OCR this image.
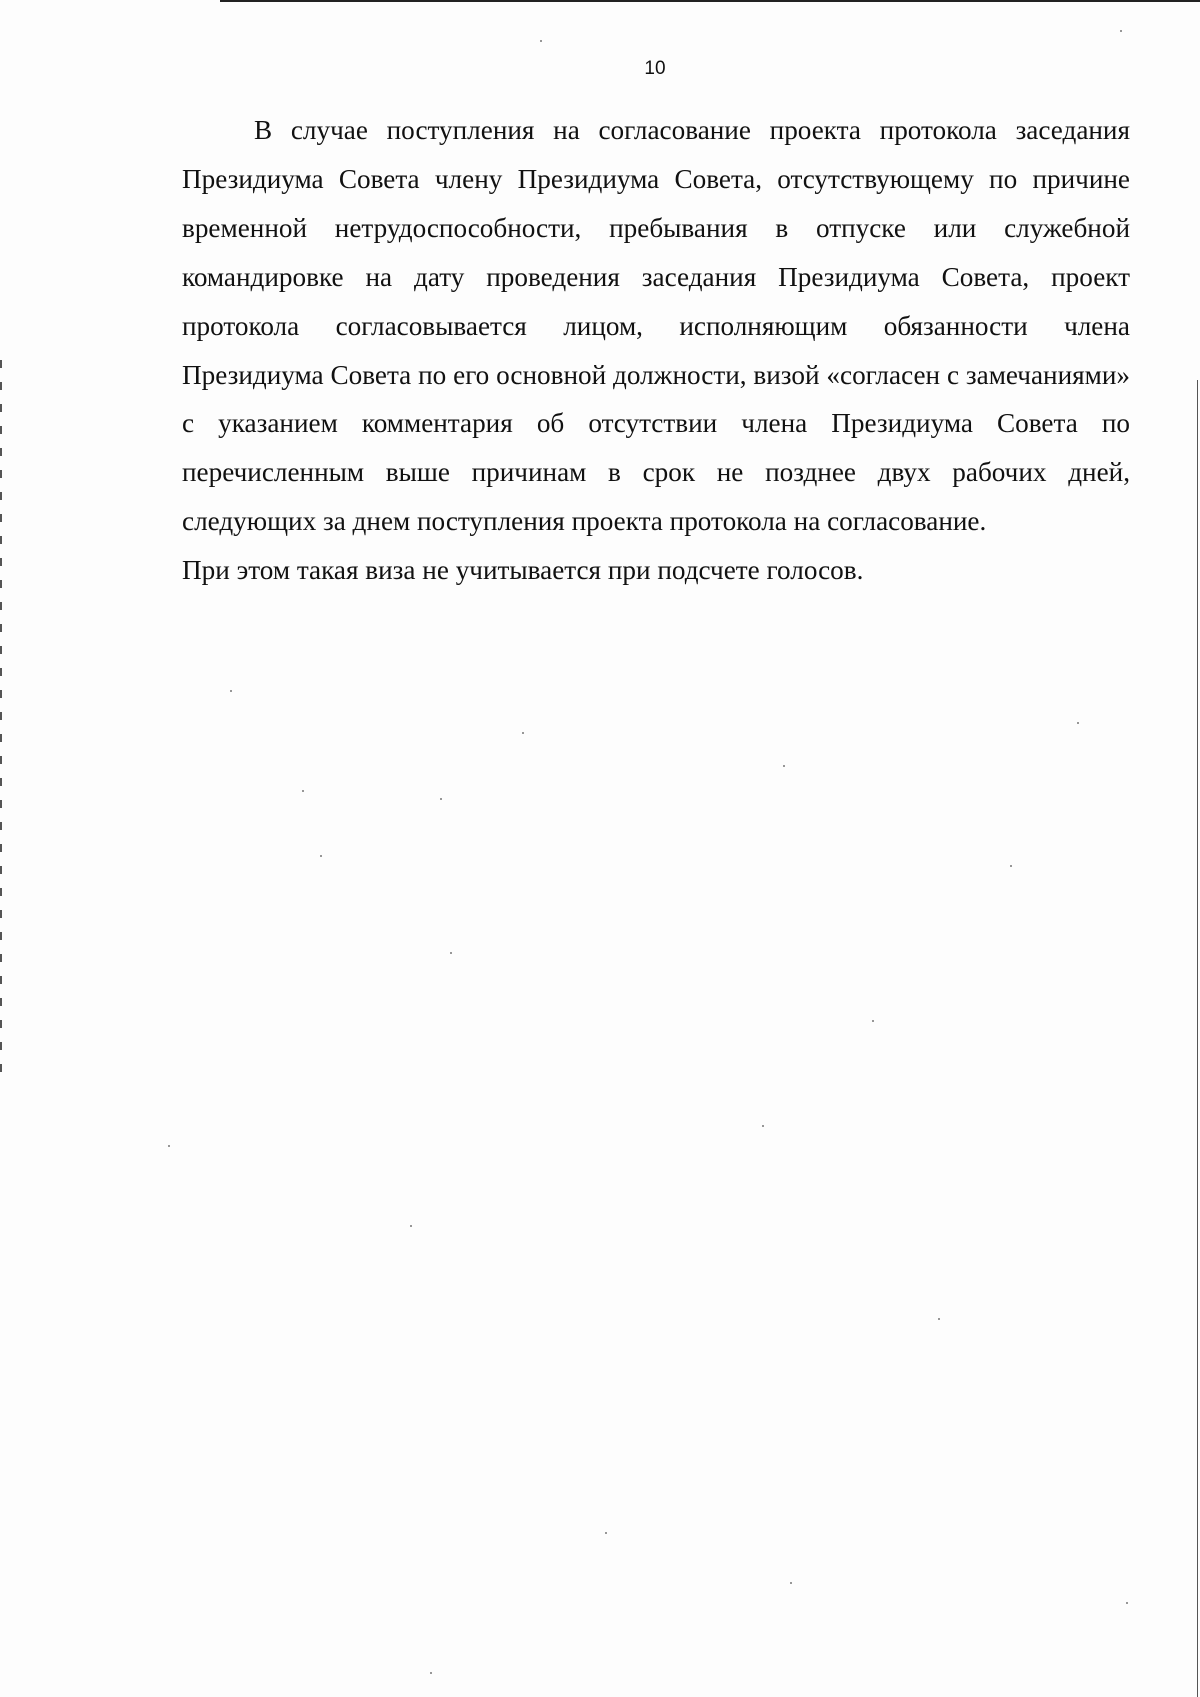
10

В случае поступления на согласование проекта протокола заседания Президиума Совета члену Президиума Совета, отсутствующему по причине временной нетрудоспособности, пребывания в отпуске или служебной командировке на дату проведения заседания Президиума Совета, проект протокола согласовывается лицом, исполняющим обязанности члена Президиума Совета по его основной должности, визой «согласен с замечаниями» с указанием комментария об отсутствии члена Президиума Совета по перечисленным выше причинам в срок не позднее двух рабочих дней, следующих за днем поступления проекта протокола на согласование.

При этом такая виза не учитывается при подсчете голосов.
